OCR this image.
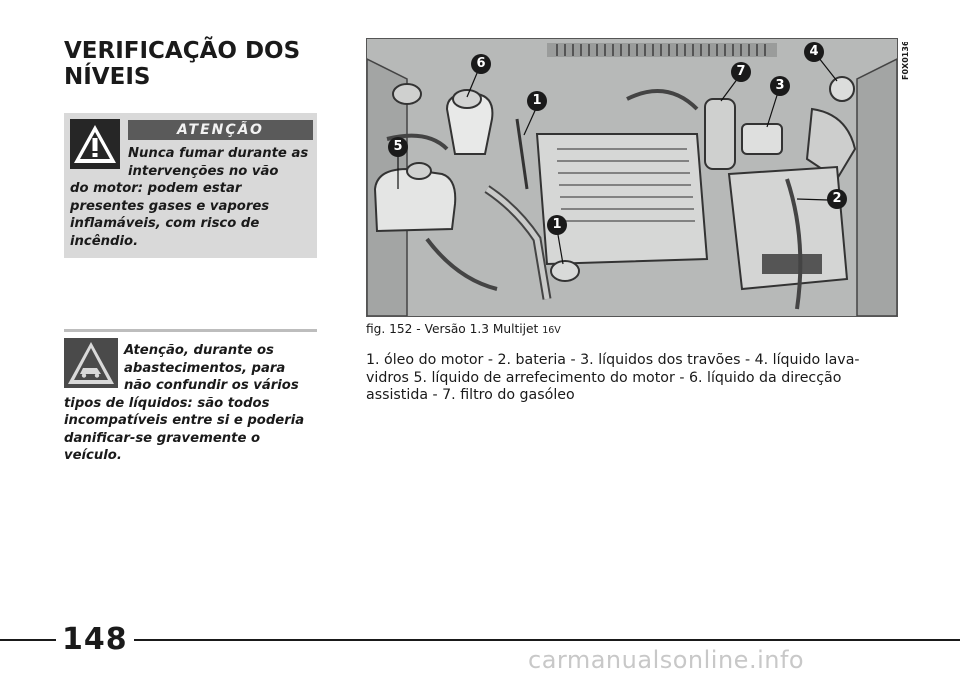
VERIFICAÇÃO DOS
NÍVEIS
ATENÇÃO

Nunca fumar durante as intervenções no vão
do motor: podem estar presentes gases e vapores inflamáveis, com risco de incêndio.

Atenção, durante os abastecimentos, para não confundir os vários
tipos de líquidos: são todos incompatíveis entre si e poderia danificar-se gravemente o veículo.

6
1
7
4
3
5
2
1
F0X0136m

fig. 152 - Versão 1.3 Multijet 16V

1. óleo do motor - 2. bateria - 3. líquidos dos travões - 4. líquido lava-vidros 5. líquido de arrefecimento do motor - 6. líquido da direcção assistida - 7. filtro do gasóleo

148
carmanualsonline.info
